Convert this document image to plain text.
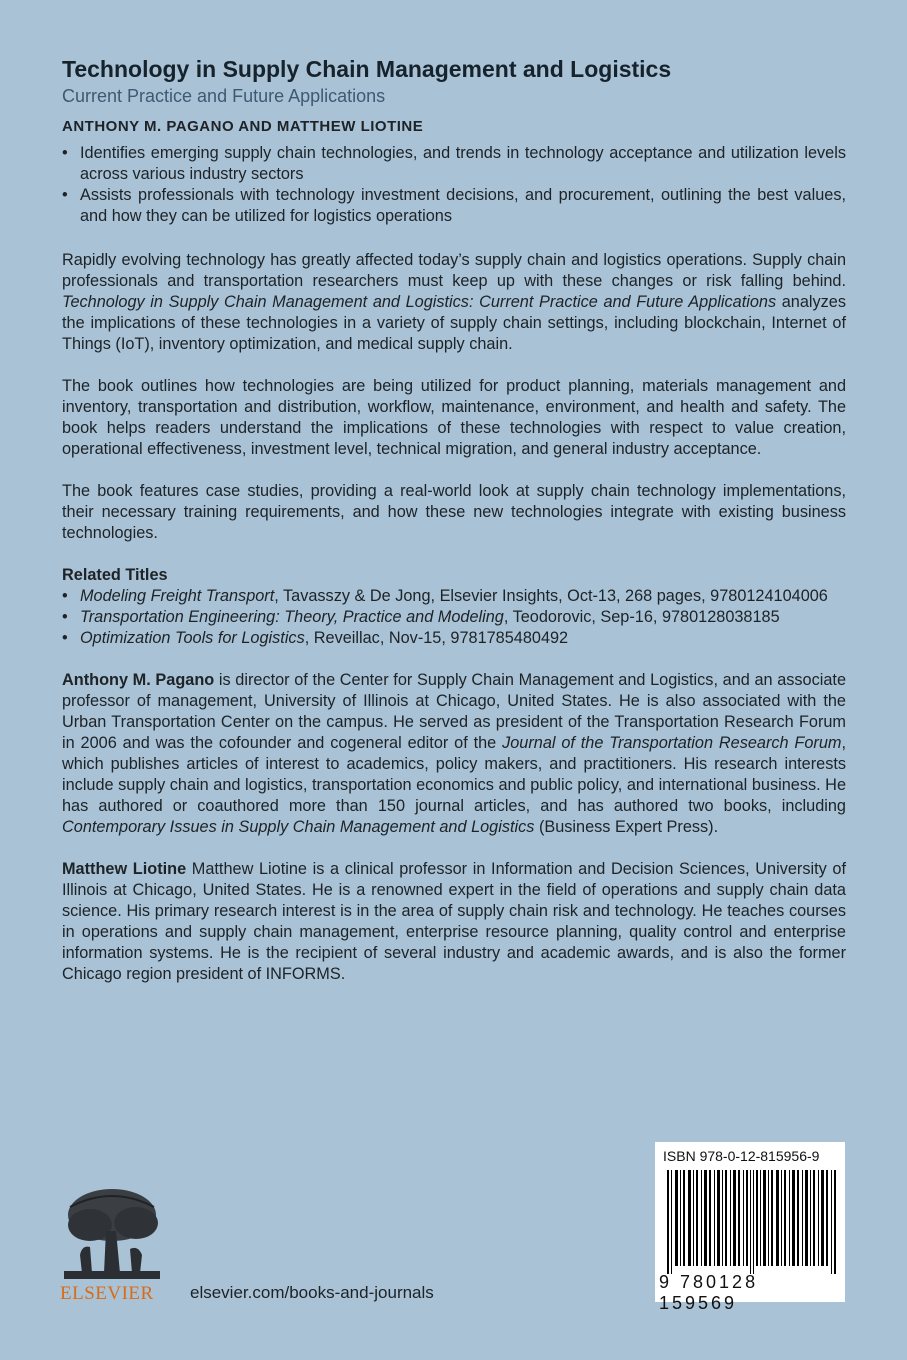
Technology in Supply Chain Management and Logistics
Current Practice and Future Applications
ANTHONY M. PAGANO AND MATTHEW LIOTINE
• Identifies emerging supply chain technologies, and trends in technology acceptance and utilization levels across various industry sectors
• Assists professionals with technology investment decisions, and procurement, outlining the best values, and how they can be utilized for logistics operations

Rapidly evolving technology has greatly affected today’s supply chain and logistics operations. Supply chain professionals and transportation researchers must keep up with these changes or risk falling behind. Technology in Supply Chain Management and Logistics: Current Practice and Future Applications analyzes the implications of these technologies in a variety of supply chain settings, including blockchain, Internet of Things (IoT), inventory optimization, and medical supply chain.

The book outlines how technologies are being utilized for product planning, materials management and inventory, transportation and distribution, workflow, maintenance, environment, and health and safety. The book helps readers understand the implications of these technologies with respect to value creation, operational effectiveness, investment level, technical migration, and general industry acceptance.

The book features case studies, providing a real-world look at supply chain technology implementations, their necessary training requirements, and how these new technologies integrate with existing business technologies.

Related Titles
• Modeling Freight Transport, Tavasszy & De Jong, Elsevier Insights, Oct-13, 268 pages, 9780124104006
• Transportation Engineering: Theory, Practice and Modeling, Teodorovic, Sep-16, 9780128038185
• Optimization Tools for Logistics, Reveillac, Nov-15, 9781785480492

Anthony M. Pagano is director of the Center for Supply Chain Management and Logistics, and an associate professor of management, University of Illinois at Chicago, United States. He is also associated with the Urban Transportation Center on the campus. He served as president of the Transportation Research Forum in 2006 and was the cofounder and cogeneral editor of the Journal of the Transportation Research Forum, which publishes articles of interest to academics, policy makers, and practitioners. His research interests include supply chain and logistics, transportation economics and public policy, and international business. He has authored or coauthored more than 150 journal articles, and has authored two books, including Contemporary Issues in Supply Chain Management and Logistics (Business Expert Press).

Matthew Liotine Matthew Liotine is a clinical professor in Information and Decision Sciences, University of Illinois at Chicago, United States. He is a renowned expert in the field of operations and supply chain data science. His primary research interest is in the area of supply chain risk and technology. He teaches courses in operations and supply chain management, enterprise resource planning, quality control and enterprise information systems. He is the recipient of several industry and academic awards, and is also the former Chicago region president of INFORMS.

ELSEVIER	elsevier.com/books-and-journals
ISBN 978-0-12-815956-9
9 780128 159569
